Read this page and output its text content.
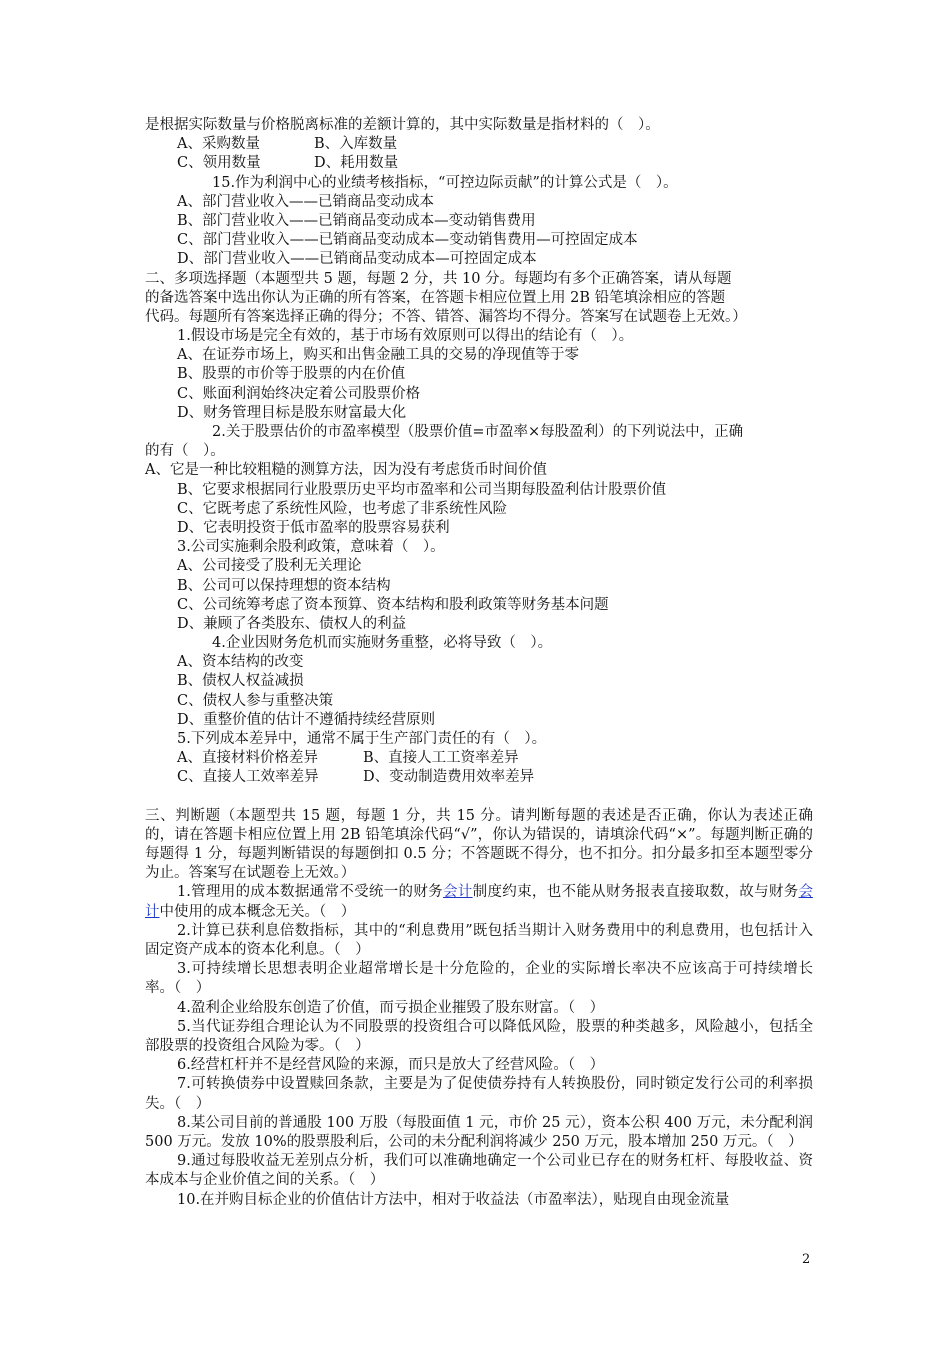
是根据实际数量与价格脱离标准的差额计算的，其中实际数量是指材料的（　）。
A、采购数量	B、入库数量
C、领用数量	D、耗用数量
15.作为利润中心的业绩考核指标，“可控边际贡献”的计算公式是（　）。
A、部门营业收入——已销商品变动成本
B、部门营业收入——已销商品变动成本—变动销售费用
C、部门营业收入——已销商品变动成本—变动销售费用—可控固定成本
D、部门营业收入——已销商品变动成本—可控固定成本
二、多项选择题（本题型共 5 题，每题 2 分，共 10 分。每题均有多个正确答案，请从每题
的备选答案中选出你认为正确的所有答案，在答题卡相应位置上用 2B 铅笔填涂相应的答题
代码。每题所有答案选择正确的得分；不答、错答、漏答均不得分。答案写在试题卷上无效。）
1.假设市场是完全有效的，基于市场有效原则可以得出的结论有（　）。
A、在证券市场上，购买和出售金融工具的交易的净现值等于零
B、股票的市价等于股票的内在价值
C、账面利润始终决定着公司股票价格
D、财务管理目标是股东财富最大化
2.关于股票估价的市盈率模型（股票价值=市盈率×每股盈利）的下列说法中，正确
的有（　）。
A、它是一种比较粗糙的测算方法，因为没有考虑货币时间价值
B、它要求根据同行业股票历史平均市盈率和公司当期每股盈利估计股票价值
C、它既考虑了系统性风险，也考虑了非系统性风险
D、它表明投资于低市盈率的股票容易获利
3.公司实施剩余股利政策，意味着（　）。
A、公司接受了股利无关理论
B、公司可以保持理想的资本结构
C、公司统筹考虑了资本预算、资本结构和股利政策等财务基本问题
D、兼顾了各类股东、债权人的利益
4.企业因财务危机而实施财务重整，必将导致（　）。
A、资本结构的改变
B、债权人权益减损
C、债权人参与重整决策
D、重整价值的估计不遵循持续经营原则
5.下列成本差异中，通常不属于生产部门责任的有（　）。
A、直接材料价格差异	B、直接人工工资率差异
C、直接人工效率差异	D、变动制造费用效率差异
三、判断题（本题型共 15 题，每题 1 分，共 15 分。请判断每题的表述是否正确，你认为表述正确的，请在答题卡相应位置上用 2B 铅笔填涂代码“√”，你认为错误的，请填涂代码“×”。每题判断正确的每题得 1 分，每题判断错误的每题倒扣 0.5 分；不答题既不得分，也不扣分。扣分最多扣至本题型零分为止。答案写在试题卷上无效。）
1.管理用的成本数据通常不受统一的财务会计制度约束，也不能从财务报表直接取数，故与财务会计中使用的成本概念无关。（　）
2.计算已获利息倍数指标，其中的“利息费用”既包括当期计入财务费用中的利息费用，也包括计入固定资产成本的资本化利息。（　）
3.可持续增长思想表明企业超常增长是十分危险的，企业的实际增长率决不应该高于可持续增长率。（　）
4.盈利企业给股东创造了价值，而亏损企业摧毁了股东财富。（　）
5.当代证券组合理论认为不同股票的投资组合可以降低风险，股票的种类越多，风险越小，包括全部股票的投资组合风险为零。（　）
6.经营杠杆并不是经营风险的来源，而只是放大了经营风险。（　）
7.可转换债券中设置赎回条款，主要是为了促使债券持有人转换股份，同时锁定发行公司的利率损失。（　）
8.某公司目前的普通股 100 万股（每股面值 1 元，市价 25 元），资本公积 400 万元，未分配利润 500 万元。发放 10%的股票股利后，公司的未分配利润将减少 250 万元，股本增加 250 万元。（　）
9.通过每股收益无差别点分析，我们可以准确地确定一个公司业已存在的财务杠杆、每股收益、资本成本与企业价值之间的关系。（　）
10.在并购目标企业的价值估计方法中，相对于收益法（市盈率法），贴现自由现金流量
2
